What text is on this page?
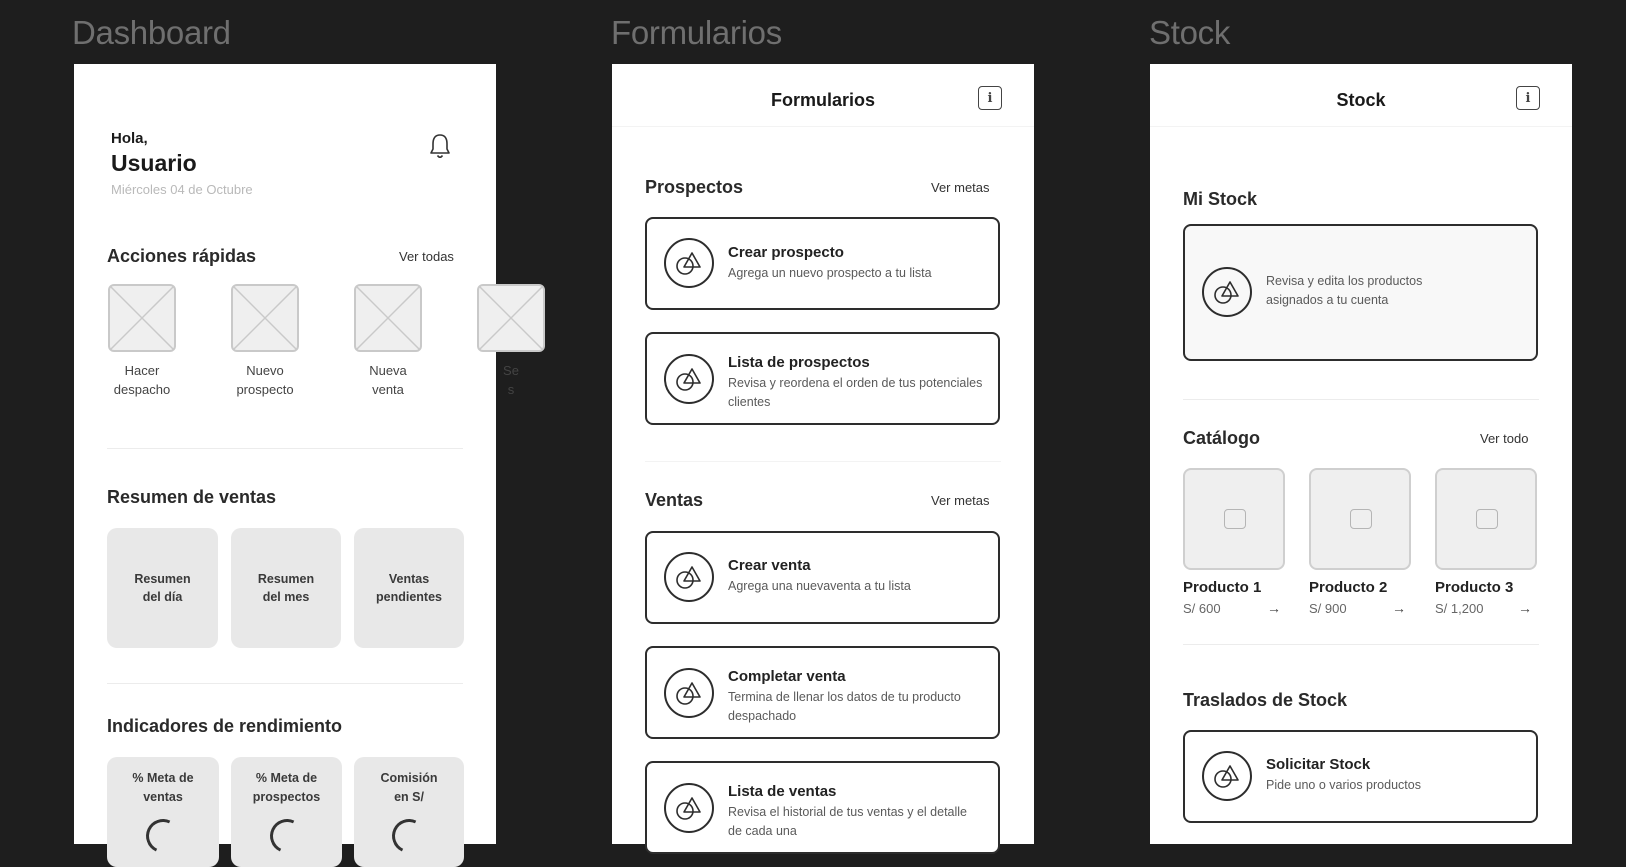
Dashboard	Formularios	Stock
Hola,
Usuario
Miércoles 04 de Octubre
Acciones rápidas	Ver todas
Hacer
despacho
Nuevo
prospecto
Nueva
venta
Se
s
Resumen de ventas
Resumen
del día
Resumen
del mes
Ventas
pendientes
Indicadores de rendimiento
% Meta de
ventas
% Meta de
prospectos
Comisión
en S/
Formularios	i
Prospectos	Ver metas
Crear prospecto
Agrega un nuevo prospecto a tu lista
Lista de prospectos
Revisa y reordena el orden de tus potenciales clientes
Ventas	Ver metas
Crear venta
Agrega una nuevaventa a tu lista
Completar venta
Termina de llenar los datos de tu producto despachado
Lista de ventas
Revisa el historial de tus ventas y el detalle de cada una
Stock	i
Mi Stock
Revisa y edita los productos asignados a tu cuenta
Catálogo	Ver todo
Producto 1
S/ 600	→
Producto 2
S/ 900	→
Producto 3
S/ 1,200 →
Traslados de Stock
Solicitar Stock
Pide uno o varios productos
